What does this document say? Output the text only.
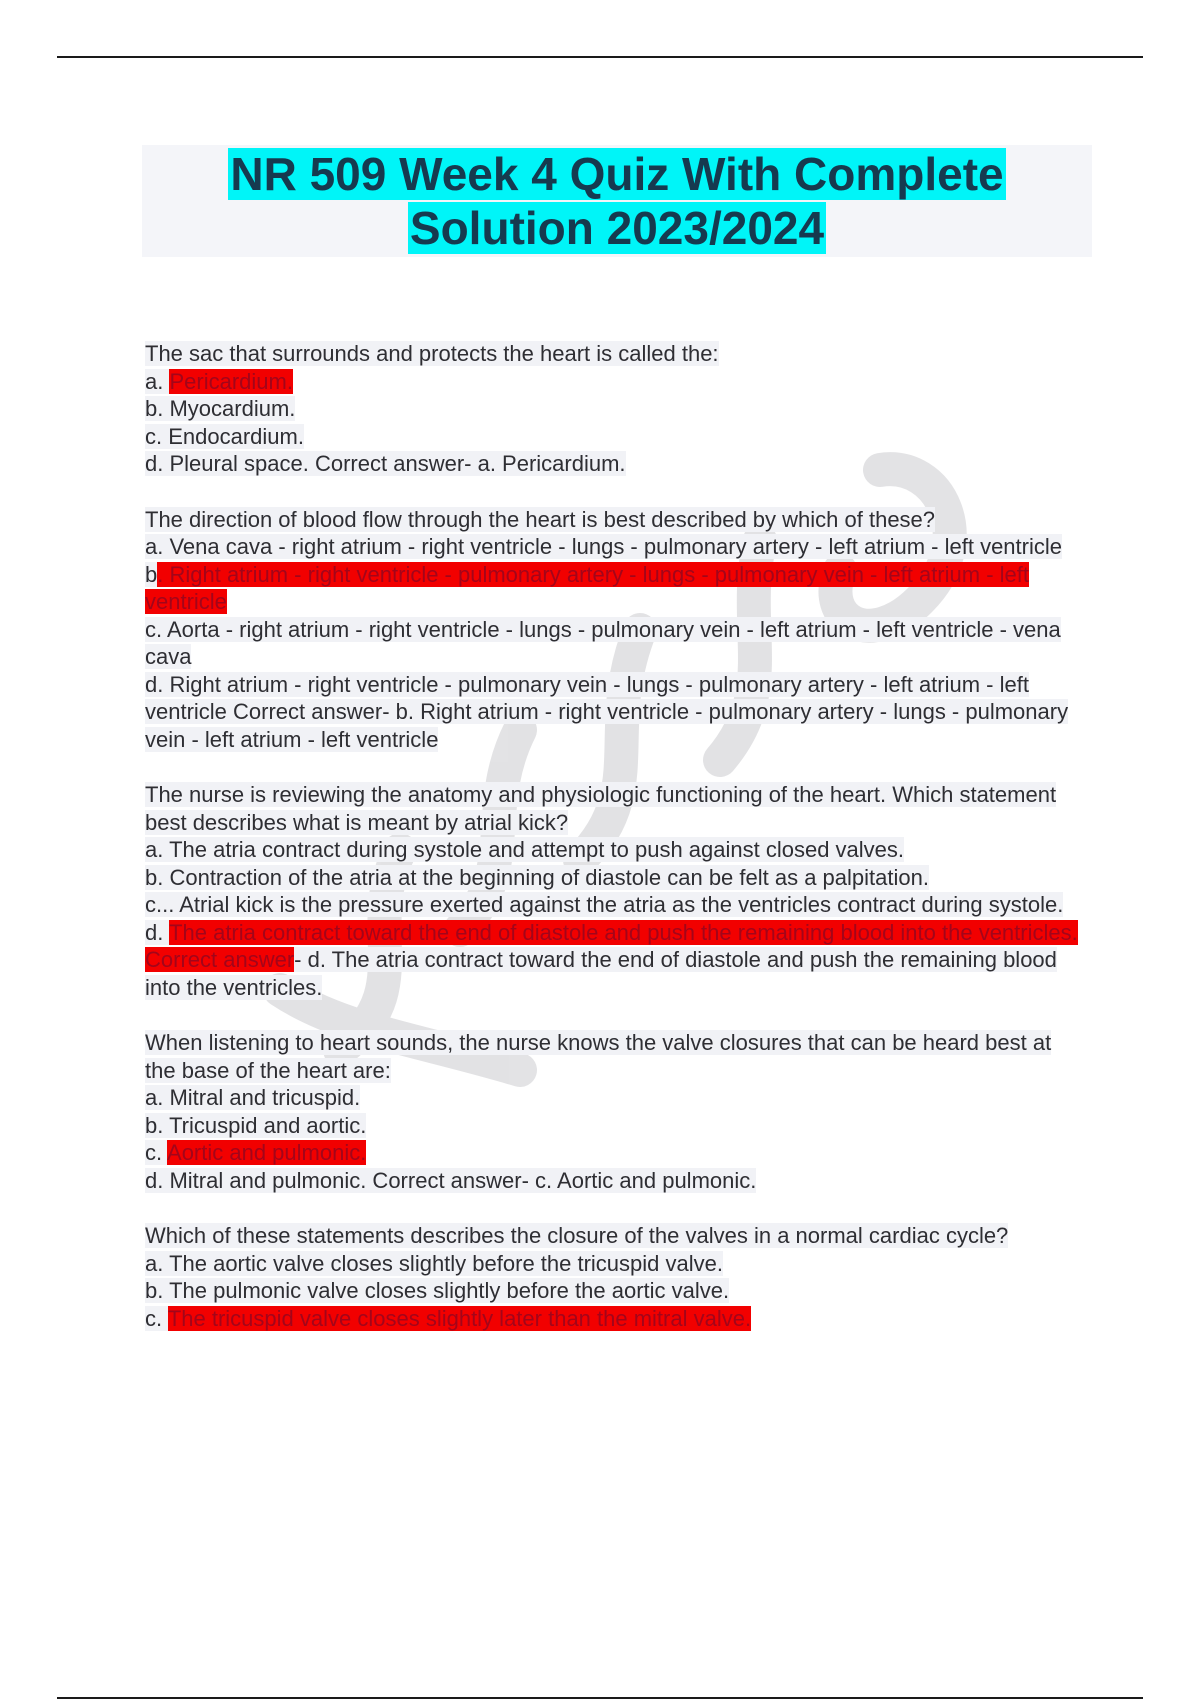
NR 509 Week 4 Quiz With Complete
Solution 2023/2024
The sac that surrounds and protects the heart is called the:
a. Pericardium.
b. Myocardium.
c. Endocardium.
d. Pleural space. Correct answer- a. Pericardium.
The direction of blood flow through the heart is best described by which of these?
a. Vena cava - right atrium - right ventricle - lungs - pulmonary artery - left atrium - left ventricle
b. Right atrium - right ventricle - pulmonary artery - lungs - pulmonary vein - left atrium - left ventricle
c. Aorta - right atrium - right ventricle - lungs - pulmonary vein - left atrium - left ventricle - vena cava
d. Right atrium - right ventricle - pulmonary vein - lungs - pulmonary artery - left atrium - left ventricle Correct answer- b. Right atrium - right ventricle - pulmonary artery - lungs - pulmonary vein - left atrium - left ventricle
The nurse is reviewing the anatomy and physiologic functioning of the heart. Which statement best describes what is meant by atrial kick?
a. The atria contract during systole and attempt to push against closed valves.
b. Contraction of the atria at the beginning of diastole can be felt as a palpitation.
c... Atrial kick is the pressure exerted against the atria as the ventricles contract during systole.
d. The atria contract toward the end of diastole and push the remaining blood into the ventricles. Correct answer- d. The atria contract toward the end of diastole and push the remaining blood into the ventricles.
When listening to heart sounds, the nurse knows the valve closures that can be heard best at the base of the heart are:
a. Mitral and tricuspid.
b. Tricuspid and aortic.
c. Aortic and pulmonic.
d. Mitral and pulmonic. Correct answer- c. Aortic and pulmonic.
Which of these statements describes the closure of the valves in a normal cardiac cycle?
a. The aortic valve closes slightly before the tricuspid valve.
b. The pulmonic valve closes slightly before the aortic valve.
c. The tricuspid valve closes slightly later than the mitral valve.
